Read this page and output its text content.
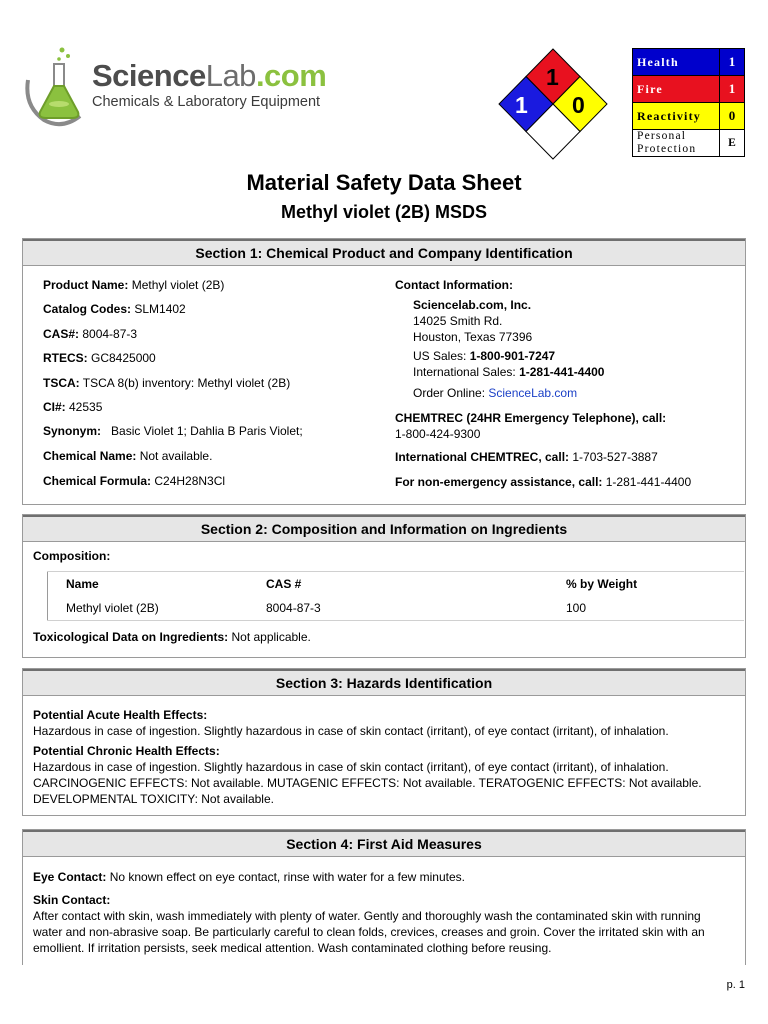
ScienceLab.com
Chemicals & Laboratory Equipment
1
1 0
Health	1
Fire	1
Reactivity	0
Personal
Protection	E
Material Safety Data Sheet
Methyl violet (2B) MSDS
Section 1: Chemical Product and Company Identification
Product Name: Methyl violet (2B)
Catalog Codes: SLM1402
CAS#: 8004-87-3
RTECS: GC8425000
TSCA: TSCA 8(b) inventory: Methyl violet (2B)
CI#: 42535
Synonym:   Basic Violet 1; Dahlia B Paris Violet;
Chemical Name: Not available.
Chemical Formula: C24H28N3Cl
Contact Information:
Sciencelab.com, Inc.
14025 Smith Rd.
Houston, Texas 77396
US Sales: 1-800-901-7247
International Sales: 1-281-441-4400
Order Online: ScienceLab.com
CHEMTREC (24HR Emergency Telephone), call:
1-800-424-9300
International CHEMTREC, call: 1-703-527-3887
For non-emergency assistance, call: 1-281-441-4400
Section 2: Composition and Information on Ingredients
Composition:
Name	CAS #	% by Weight
Methyl violet (2B)	8004-87-3	100
Toxicological Data on Ingredients: Not applicable.
Section 3: Hazards Identification
Potential Acute Health Effects:
Hazardous in case of ingestion. Slightly hazardous in case of skin contact (irritant), of eye contact (irritant), of inhalation.
Potential Chronic Health Effects:
Hazardous in case of ingestion. Slightly hazardous in case of skin contact (irritant), of eye contact (irritant), of inhalation.
CARCINOGENIC EFFECTS: Not available. MUTAGENIC EFFECTS: Not available. TERATOGENIC EFFECTS: Not available.
DEVELOPMENTAL TOXICITY: Not available.
Section 4: First Aid Measures
Eye Contact: No known effect on eye contact, rinse with water for a few minutes.
Skin Contact:
After contact with skin, wash immediately with plenty of water. Gently and thoroughly wash the contaminated skin with running
water and non-abrasive soap. Be particularly careful to clean folds, crevices, creases and groin. Cover the irritated skin with an
emollient. If irritation persists, seek medical attention. Wash contaminated clothing before reusing.
p. 1
